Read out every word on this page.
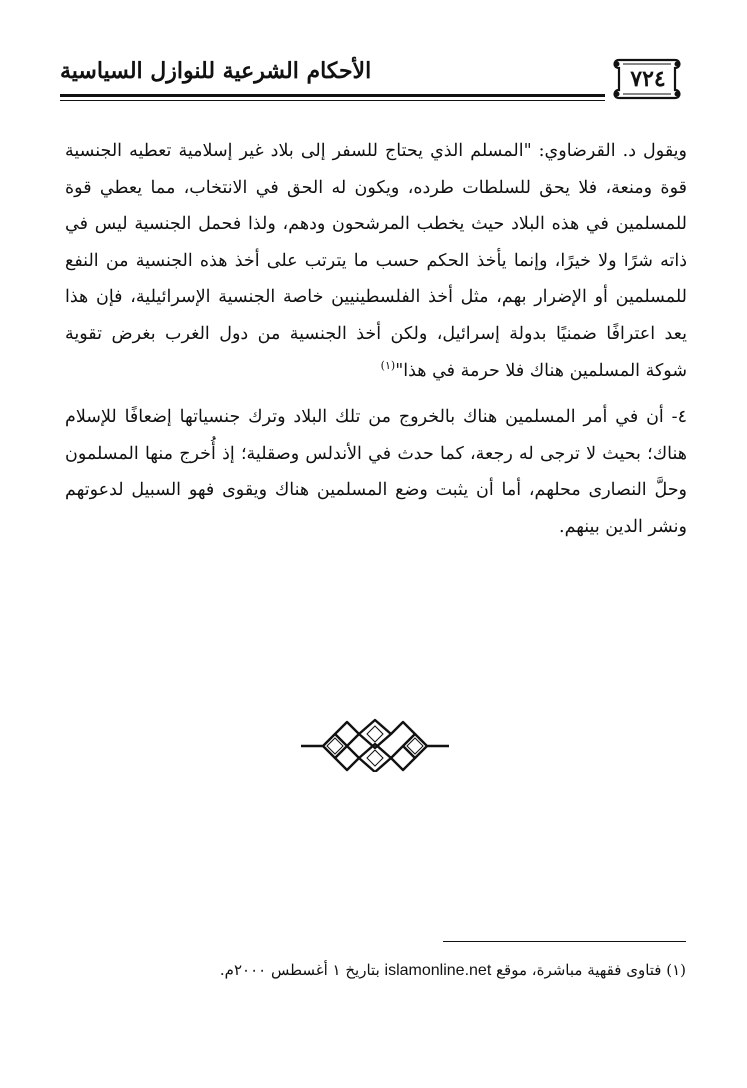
الأحكام الشرعية للنوازل السياسية	٧٢٤

ويقول د. القرضاوي: "المسلم الذي يحتاج للسفر إلى بلاد غير إسلامية تعطيه الجنسية قوة ومنعة، فلا يحق للسلطات طرده، ويكون له الحق في الانتخاب، مما يعطي قوة للمسلمين في هذه البلاد حيث يخطب المرشحون ودهم، ولذا فحمل الجنسية ليس في ذاته شرًا ولا خيرًا، وإنما يأخذ الحكم حسب ما يترتب على أخذ هذه الجنسية من النفع للمسلمين أو الإضرار بهم، مثل أخذ الفلسطينيين خاصة الجنسية الإسرائيلية، فإن هذا يعد اعترافًا ضمنيًا بدولة إسرائيل، ولكن أخذ الجنسية من دول الغرب بغرض تقوية شوكة المسلمين هناك فلا حرمة في هذا"$^{(١)}$

٤- أن في أمر المسلمين هناك بالخروج من تلك البلاد وترك جنسياتها إضعافًا للإسلام هناك؛ بحيث لا ترجى له رجعة، كما حدث في الأندلس وصقلية؛ إذ أُخرج منها المسلمون وحلَّ النصارى محلهم، أما أن يثبت وضع المسلمين هناك ويقوى فهو السبيل لدعوتهم ونشر الدين بينهم.

(١) فتاوى فقهية مباشرة، موقع islamonline.net بتاريخ ١ أغسطس ٢٠٠٠م.
